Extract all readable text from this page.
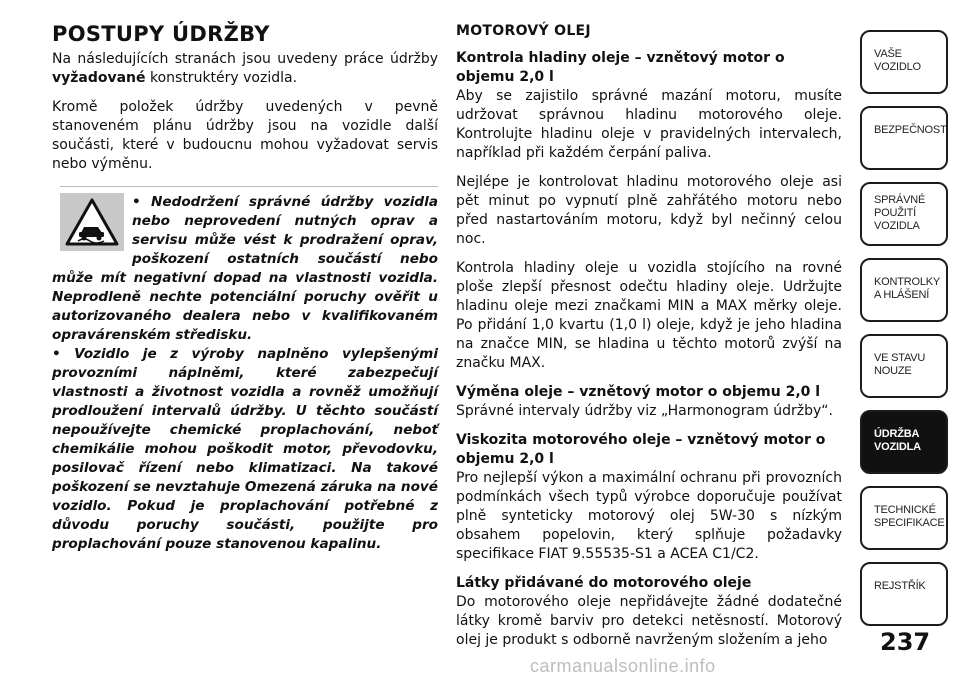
POSTUPY ÚDRŽBY

Na následujících stranách jsou uvedeny práce údržby vyžadované konstruktéry vozidla.

Kromě položek údržby uvedených v pevně stanoveném plánu údržby jsou na vozidle další součásti, které v budoucnu mohou vyžadovat servis nebo výměnu.

• Nedodržení správné údržby vozidla nebo neprovedení nutných oprav a servisu může vést k prodražení oprav, poškození ostatních součástí nebo může mít negativní dopad na vlastnosti vozidla. Neprodleně nechte potenciální poruchy ověřit u autorizovaného dealera nebo v kvalifikovaném opravárenském středisku.

• Vozidlo je z výroby naplněno vylepšenými provozními náplněmi, které zabezpečují vlastnosti a životnost vozidla a rovněž umožňují prodloužení intervalů údržby. U těchto součástí nepoužívejte chemické proplachování, neboť chemikálie mohou poškodit motor, převodovku, posilovač řízení nebo klimatizaci. Na takové poškození se nevztahuje Omezená záruka na nové vozidlo. Pokud je proplachování potřebné z důvodu poruchy součásti, použijte pro proplachování pouze stanovenou kapalinu.

MOTOROVÝ OLEJ
Kontrola hladiny oleje – vznětový motor o objemu 2,0 l

Aby se zajistilo správné mazání motoru, musíte udržovat správnou hladinu motorového oleje. Kontrolujte hladinu oleje v pravidelných intervalech, například při každém čerpání paliva.

Nejlépe je kontrolovat hladinu motorového oleje asi pět minut po vypnutí plně zahřátého motoru nebo před nastartováním motoru, když byl nečinný celou noc.

Kontrola hladiny oleje u vozidla stojícího na rovné ploše zlepší přesnost odečtu hladiny oleje. Udržujte hladinu oleje mezi značkami MIN a MAX měrky oleje. Po přidání 1,0 kvartu (1,0 l) oleje, když je jeho hladina na značce MIN, se hladina u těchto motorů zvýší na značku MAX.

Výměna oleje – vznětový motor o objemu 2,0 l

Správné intervaly údržby viz „Harmonogram údržby“.

Viskozita motorového oleje – vznětový motor o objemu 2,0 l

Pro nejlepší výkon a maximální ochranu při provozních podmínkách všech typů výrobce doporučuje používat plně synteticky motorový olej 5W-30 s nízkým obsahem popelovin, který splňuje požadavky specifikace FIAT 9.55535-S1 a ACEA C1/C2.

Látky přidávané do motorového oleje

Do motorového oleje nepřidávejte žádné dodatečné látky kromě barviv pro detekci netěsností. Motorový olej je produkt s odborně navrženým složením a jeho

VAŠE
VOZIDLO
BEZPEČNOST
SPRÁVNÉ
POUŽITÍ
VOZIDLA
KONTROLKY
A HLÁŠENÍ
VE STAVU
NOUZE
ÚDRŽBA
VOZIDLA
TECHNICKÉ
SPECIFIKACE
REJSTŘÍK
237
carmanualsonline.info
